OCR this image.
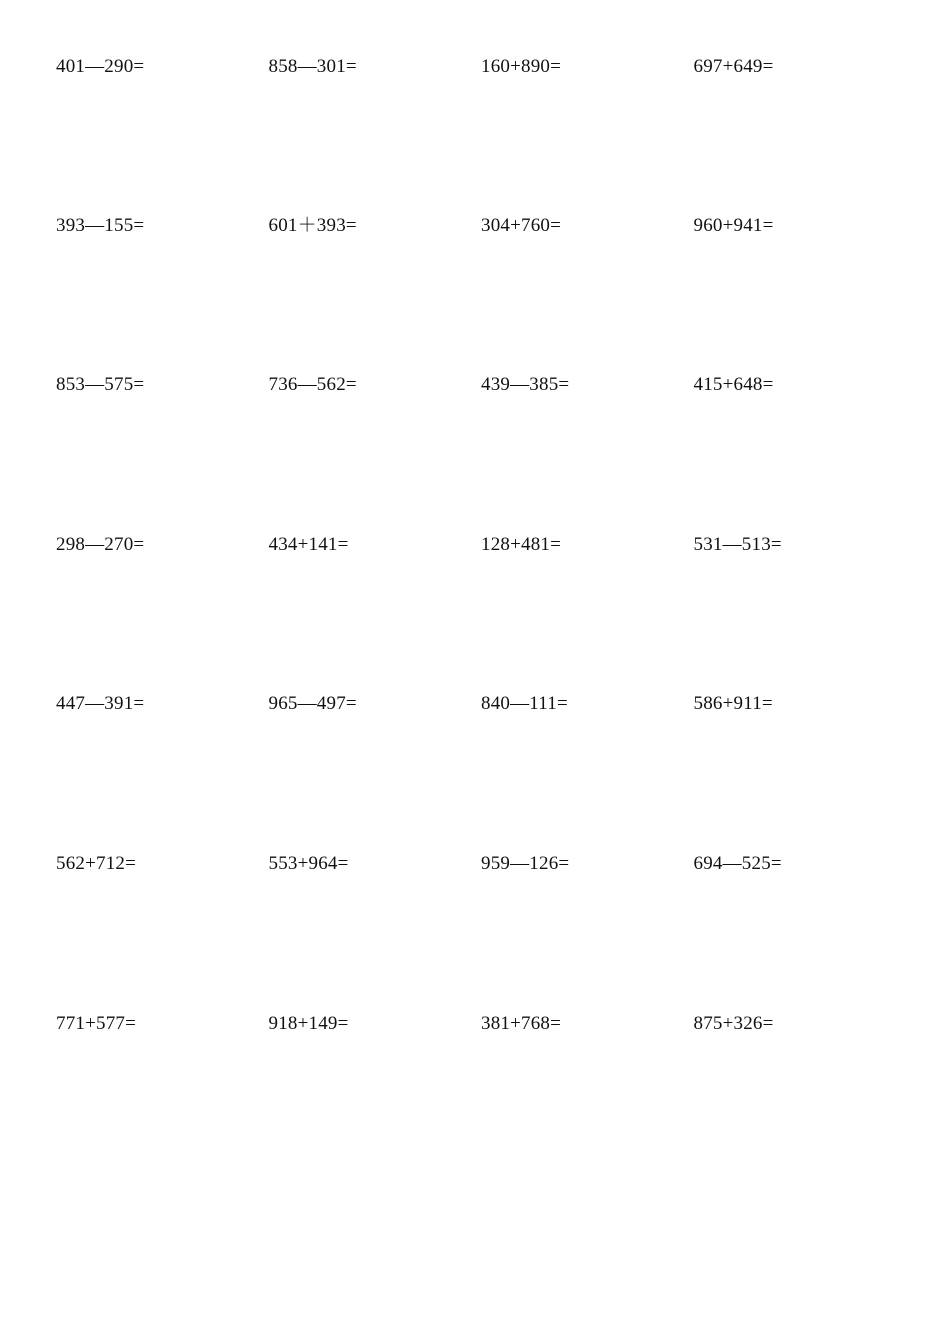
401—290=	858—301=	160+890=	697+649=
393—155=	601＋393=	304+760=	960+941=
853—575=	736—562=	439—385=	415+648=
298—270=	434+141=	128+481=	531—513=
447—391=	965—497=	840—111=	586+911=
562+712=	553+964=	959—126=	694—525=
771+577=	918+149=	381+768=	875+326=
